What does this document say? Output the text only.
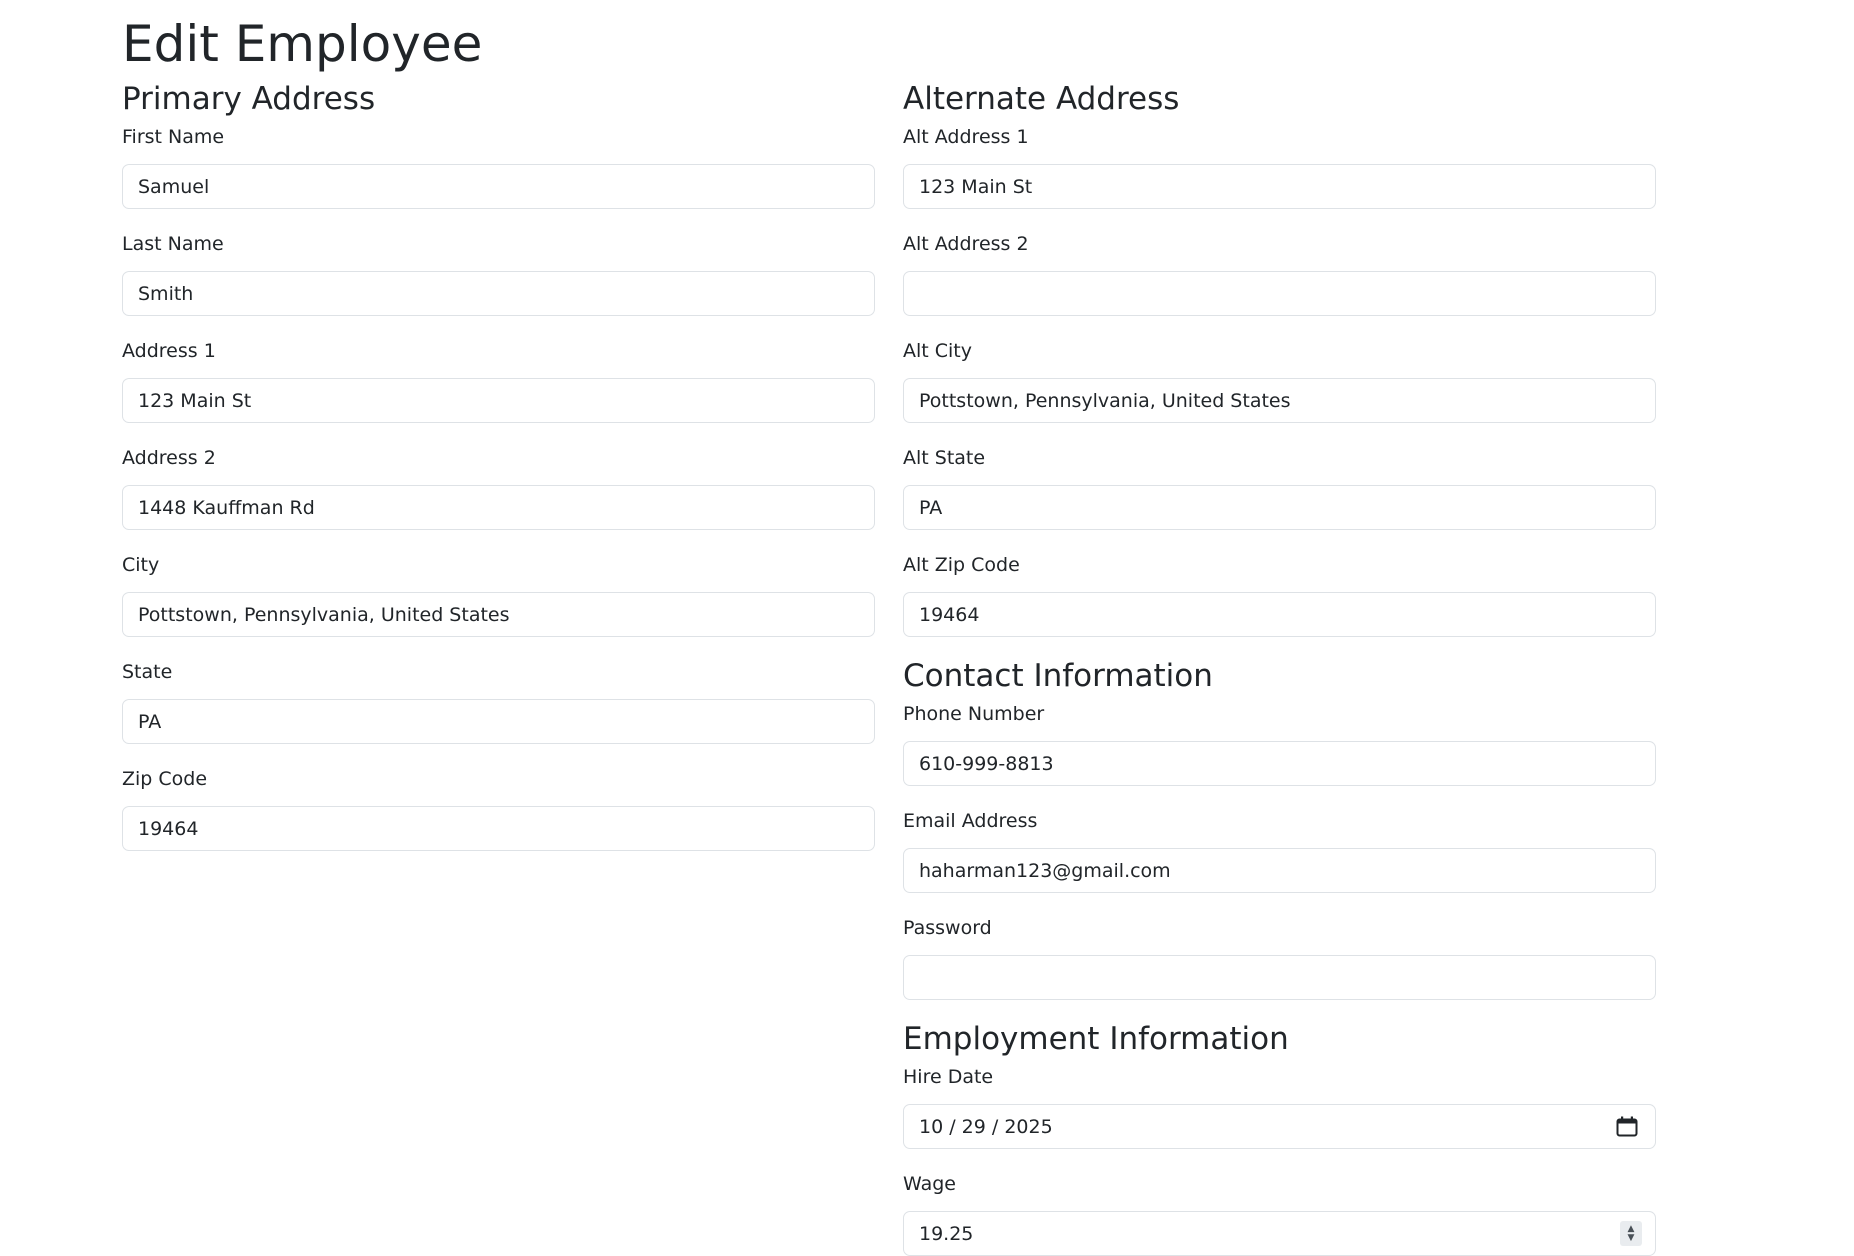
Edit Employee
Primary Address
First Name
Samuel
Last Name
Smith
Address 1
123 Main St
Address 2
1448 Kauffman Rd
City
Pottstown, Pennsylvania, United States
State
PA
Zip Code
19464
Alternate Address
Alt Address 1
123 Main St
Alt Address 2
Alt City
Pottstown, Pennsylvania, United States
Alt State
PA
Alt Zip Code
19464
Contact Information
Phone Number
610-999-8813
Email Address
haharman123@gmail.com
Password
Employment Information
Hire Date
10 / 29 / 2025
Wage
19.25
▲
▼
